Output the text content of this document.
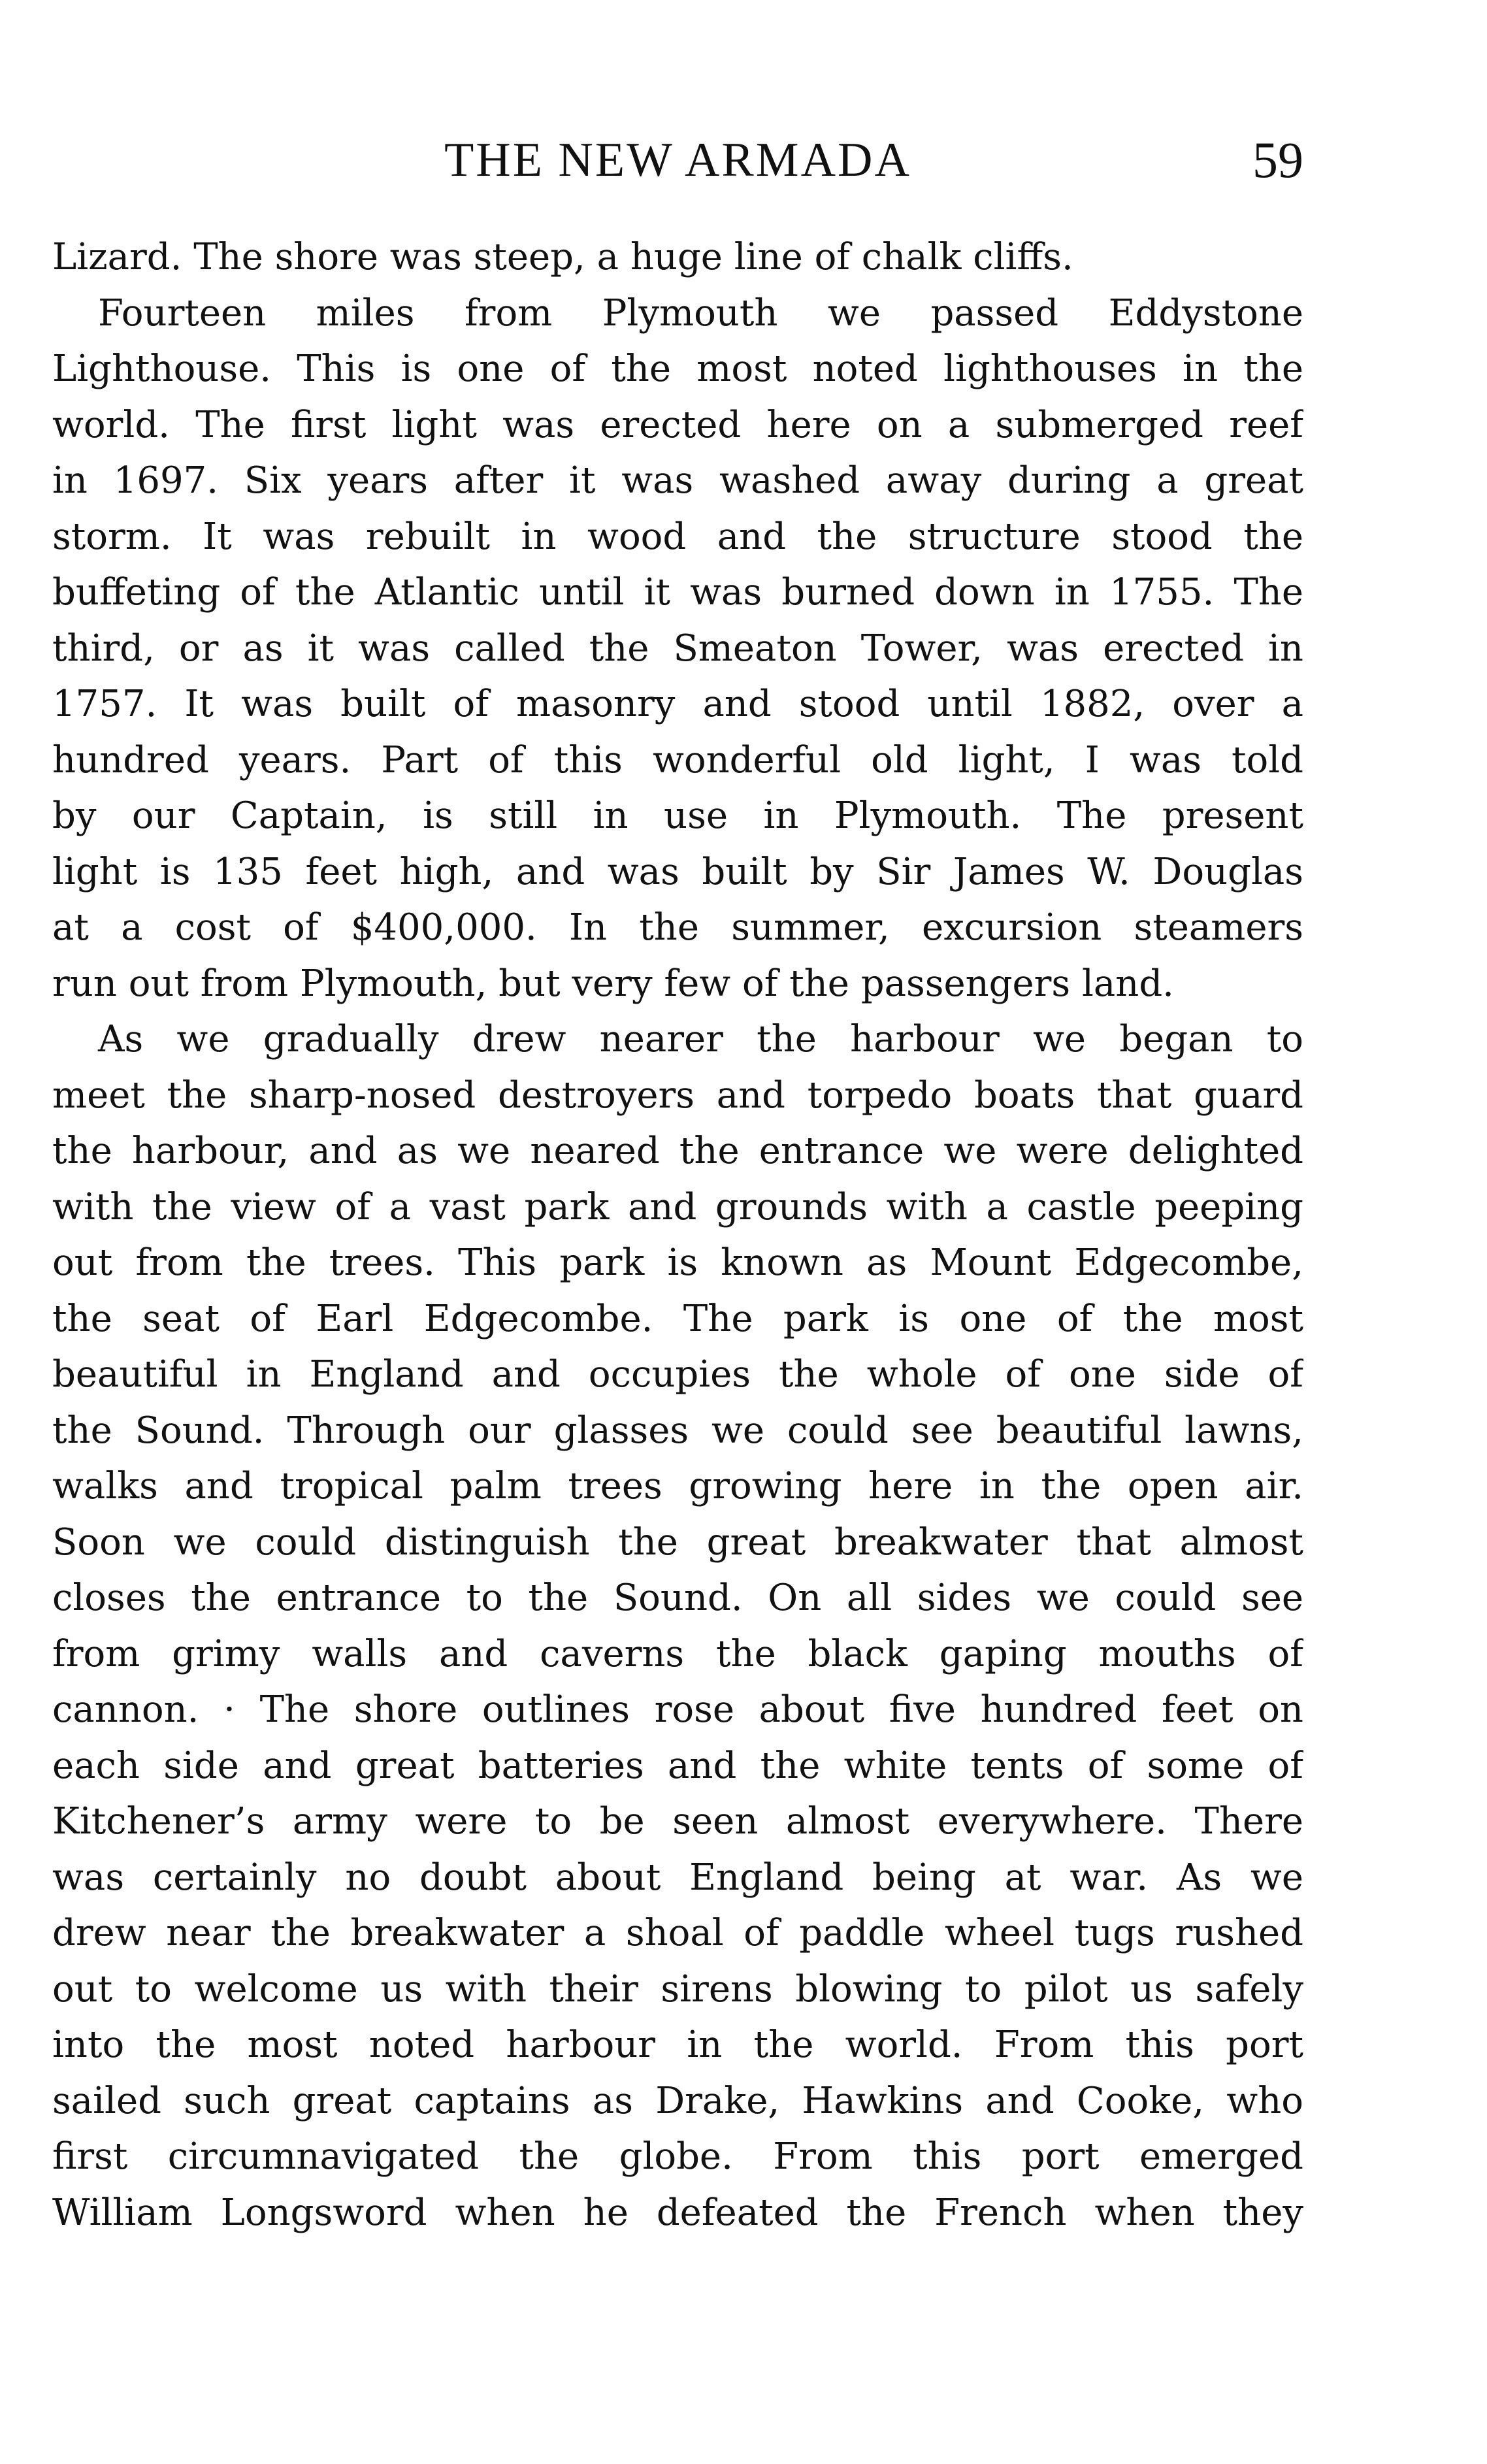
THE NEW ARMADA	59
Lizard. The shore was steep, a huge line of chalk cliffs.
Fourteen miles from Plymouth we passed Eddystone
Lighthouse. This is one of the most noted lighthouses in the
world. The first light was erected here on a submerged reef
in 1697. Six years after it was washed away during a great
storm. It was rebuilt in wood and the structure stood the
buffeting of the Atlantic until it was burned down in 1755. The
third, or as it was called the Smeaton Tower, was erected in
1757. It was built of masonry and stood until 1882, over a
hundred years. Part of this wonderful old light, I was told
by our Captain, is still in use in Plymouth. The present
light is 135 feet high, and was built by Sir James W. Douglas
at a cost of $400,000. In the summer, excursion steamers
run out from Plymouth, but very few of the passengers land.
As we gradually drew nearer the harbour we began to
meet the sharp-nosed destroyers and torpedo boats that guard
the harbour, and as we neared the entrance we were delighted
with the view of a vast park and grounds with a castle peeping
out from the trees. This park is known as Mount Edgecombe,
the seat of Earl Edgecombe. The park is one of the most
beautiful in England and occupies the whole of one side of
the Sound. Through our glasses we could see beautiful lawns,
walks and tropical palm trees growing here in the open air.
Soon we could distinguish the great breakwater that almost
closes the entrance to the Sound. On all sides we could see
from grimy walls and caverns the black gaping mouths of
cannon. · The shore outlines rose about five hundred feet on
each side and great batteries and the white tents of some of
Kitchener’s army were to be seen almost everywhere. There
was certainly no doubt about England being at war. As we
drew near the breakwater a shoal of paddle wheel tugs rushed
out to welcome us with their sirens blowing to pilot us safely
into the most noted harbour in the world. From this port
sailed such great captains as Drake, Hawkins and Cooke, who
first circumnavigated the globe. From this port emerged
William Longsword when he defeated the French when they
